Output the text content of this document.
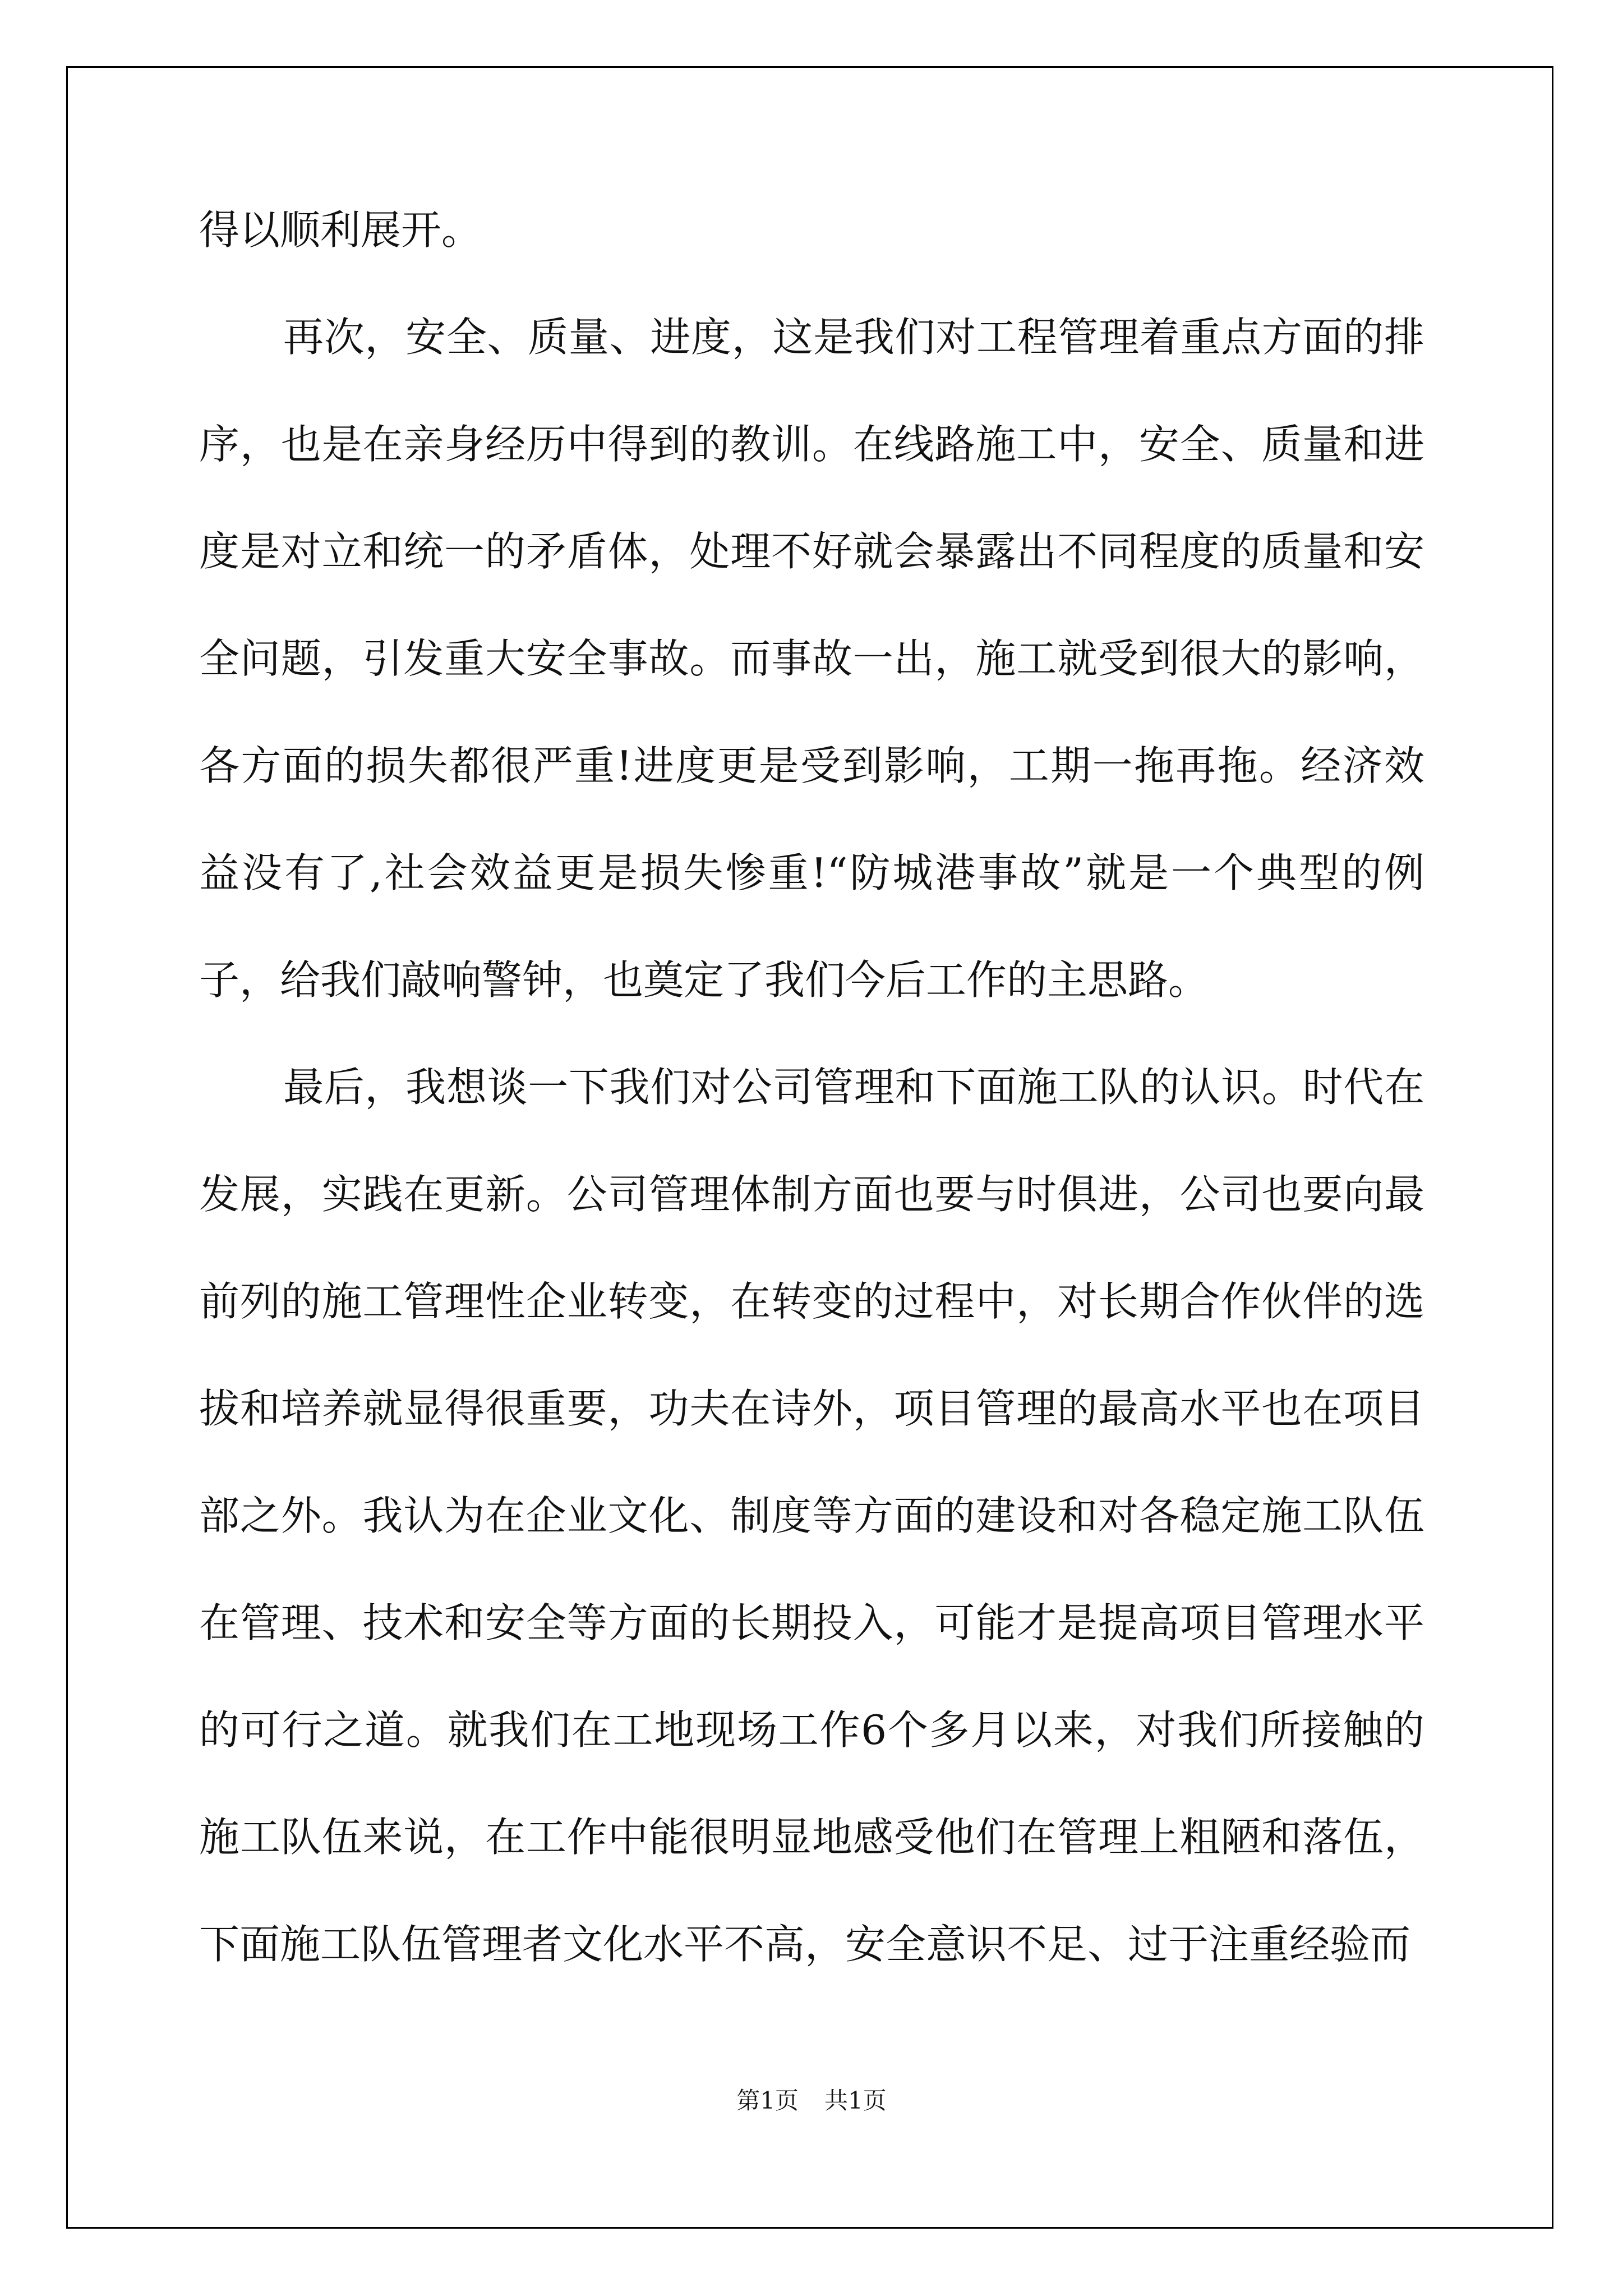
得以顺利展开。

再次，安全、质量、进度，这是我们对工程管理着重点方面的排序，也是在亲身经历中得到的教训。在线路施工中，安全、质量和进度是对立和统一的矛盾体，处理不好就会暴露出不同程度的质量和安全问题，引发重大安全事故。而事故一出，施工就受到很大的影响，各方面的损失都很严重!进度更是受到影响，工期一拖再拖。经济效益没有了,社会效益更是损失惨重!“防城港事故”就是一个典型的例子，给我们敲响警钟，也奠定了我们今后工作的主思路。

最后，我想谈一下我们对公司管理和下面施工队的认识。时代在发展，实践在更新。公司管理体制方面也要与时俱进，公司也要向最前列的施工管理性企业转变，在转变的过程中，对长期合作伙伴的选拔和培养就显得很重要，功夫在诗外，项目管理的最高水平也在项目部之外。我认为在企业文化、制度等方面的建设和对各稳定施工队伍在管理、技术和安全等方面的长期投入，可能才是提高项目管理水平的可行之道。就我们在工地现场工作6个多月以来，对我们所接触的施工队伍来说，在工作中能很明显地感受他们在管理上粗陋和落伍，下面施工队伍管理者文化水平不高，安全意识不足、过于注重经验而

第1页 共1页
